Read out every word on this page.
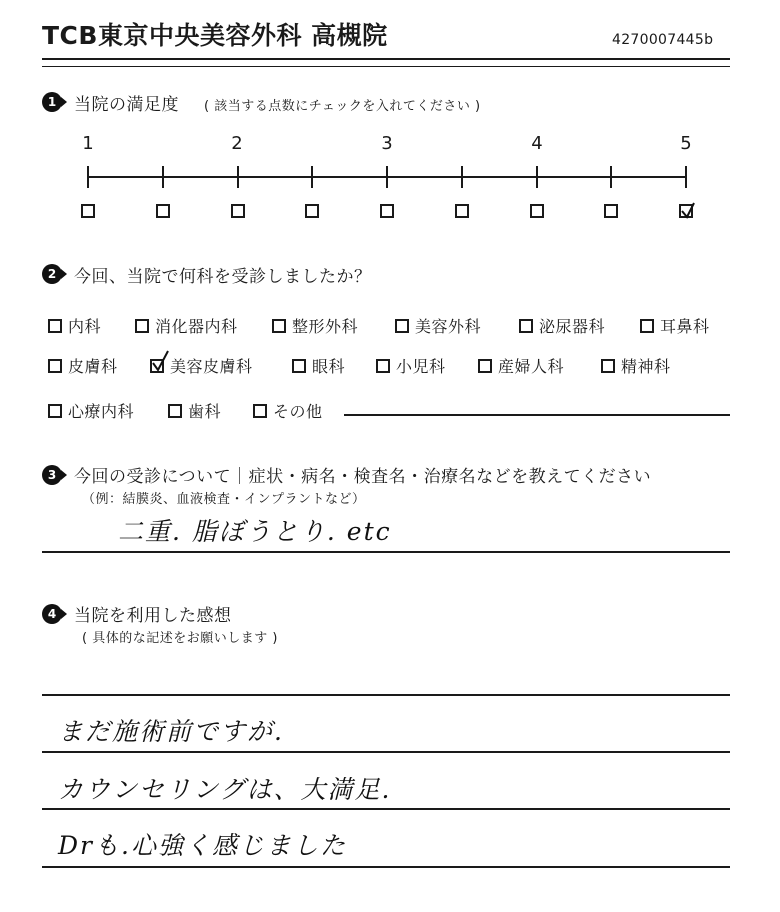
TCB東京中央美容外科 高槻院	4270007445b
1	当院の満足度 ( 該当する点数にチェックを入れてください )
1	2	3	4	5
2	今回、当院で何科を受診しましたか？
内科	消化器内科	整形外科	美容外科	泌尿器科	耳鼻科
皮膚科	美容皮膚科	眼科	小児科	産婦人科	精神科
心療内科	歯科	その他
3	今回の受診について｜症状・病名・検査名・治療名などを教えてください
（例：結膜炎、血液検査・インプラントなど）
二重. 脂ぼうとり. etc
4	当院を利用した感想
( 具体的な記述をお願いします )
まだ施術前ですが.
カウンセリングは、大満足.
Drも.心強く感じました
